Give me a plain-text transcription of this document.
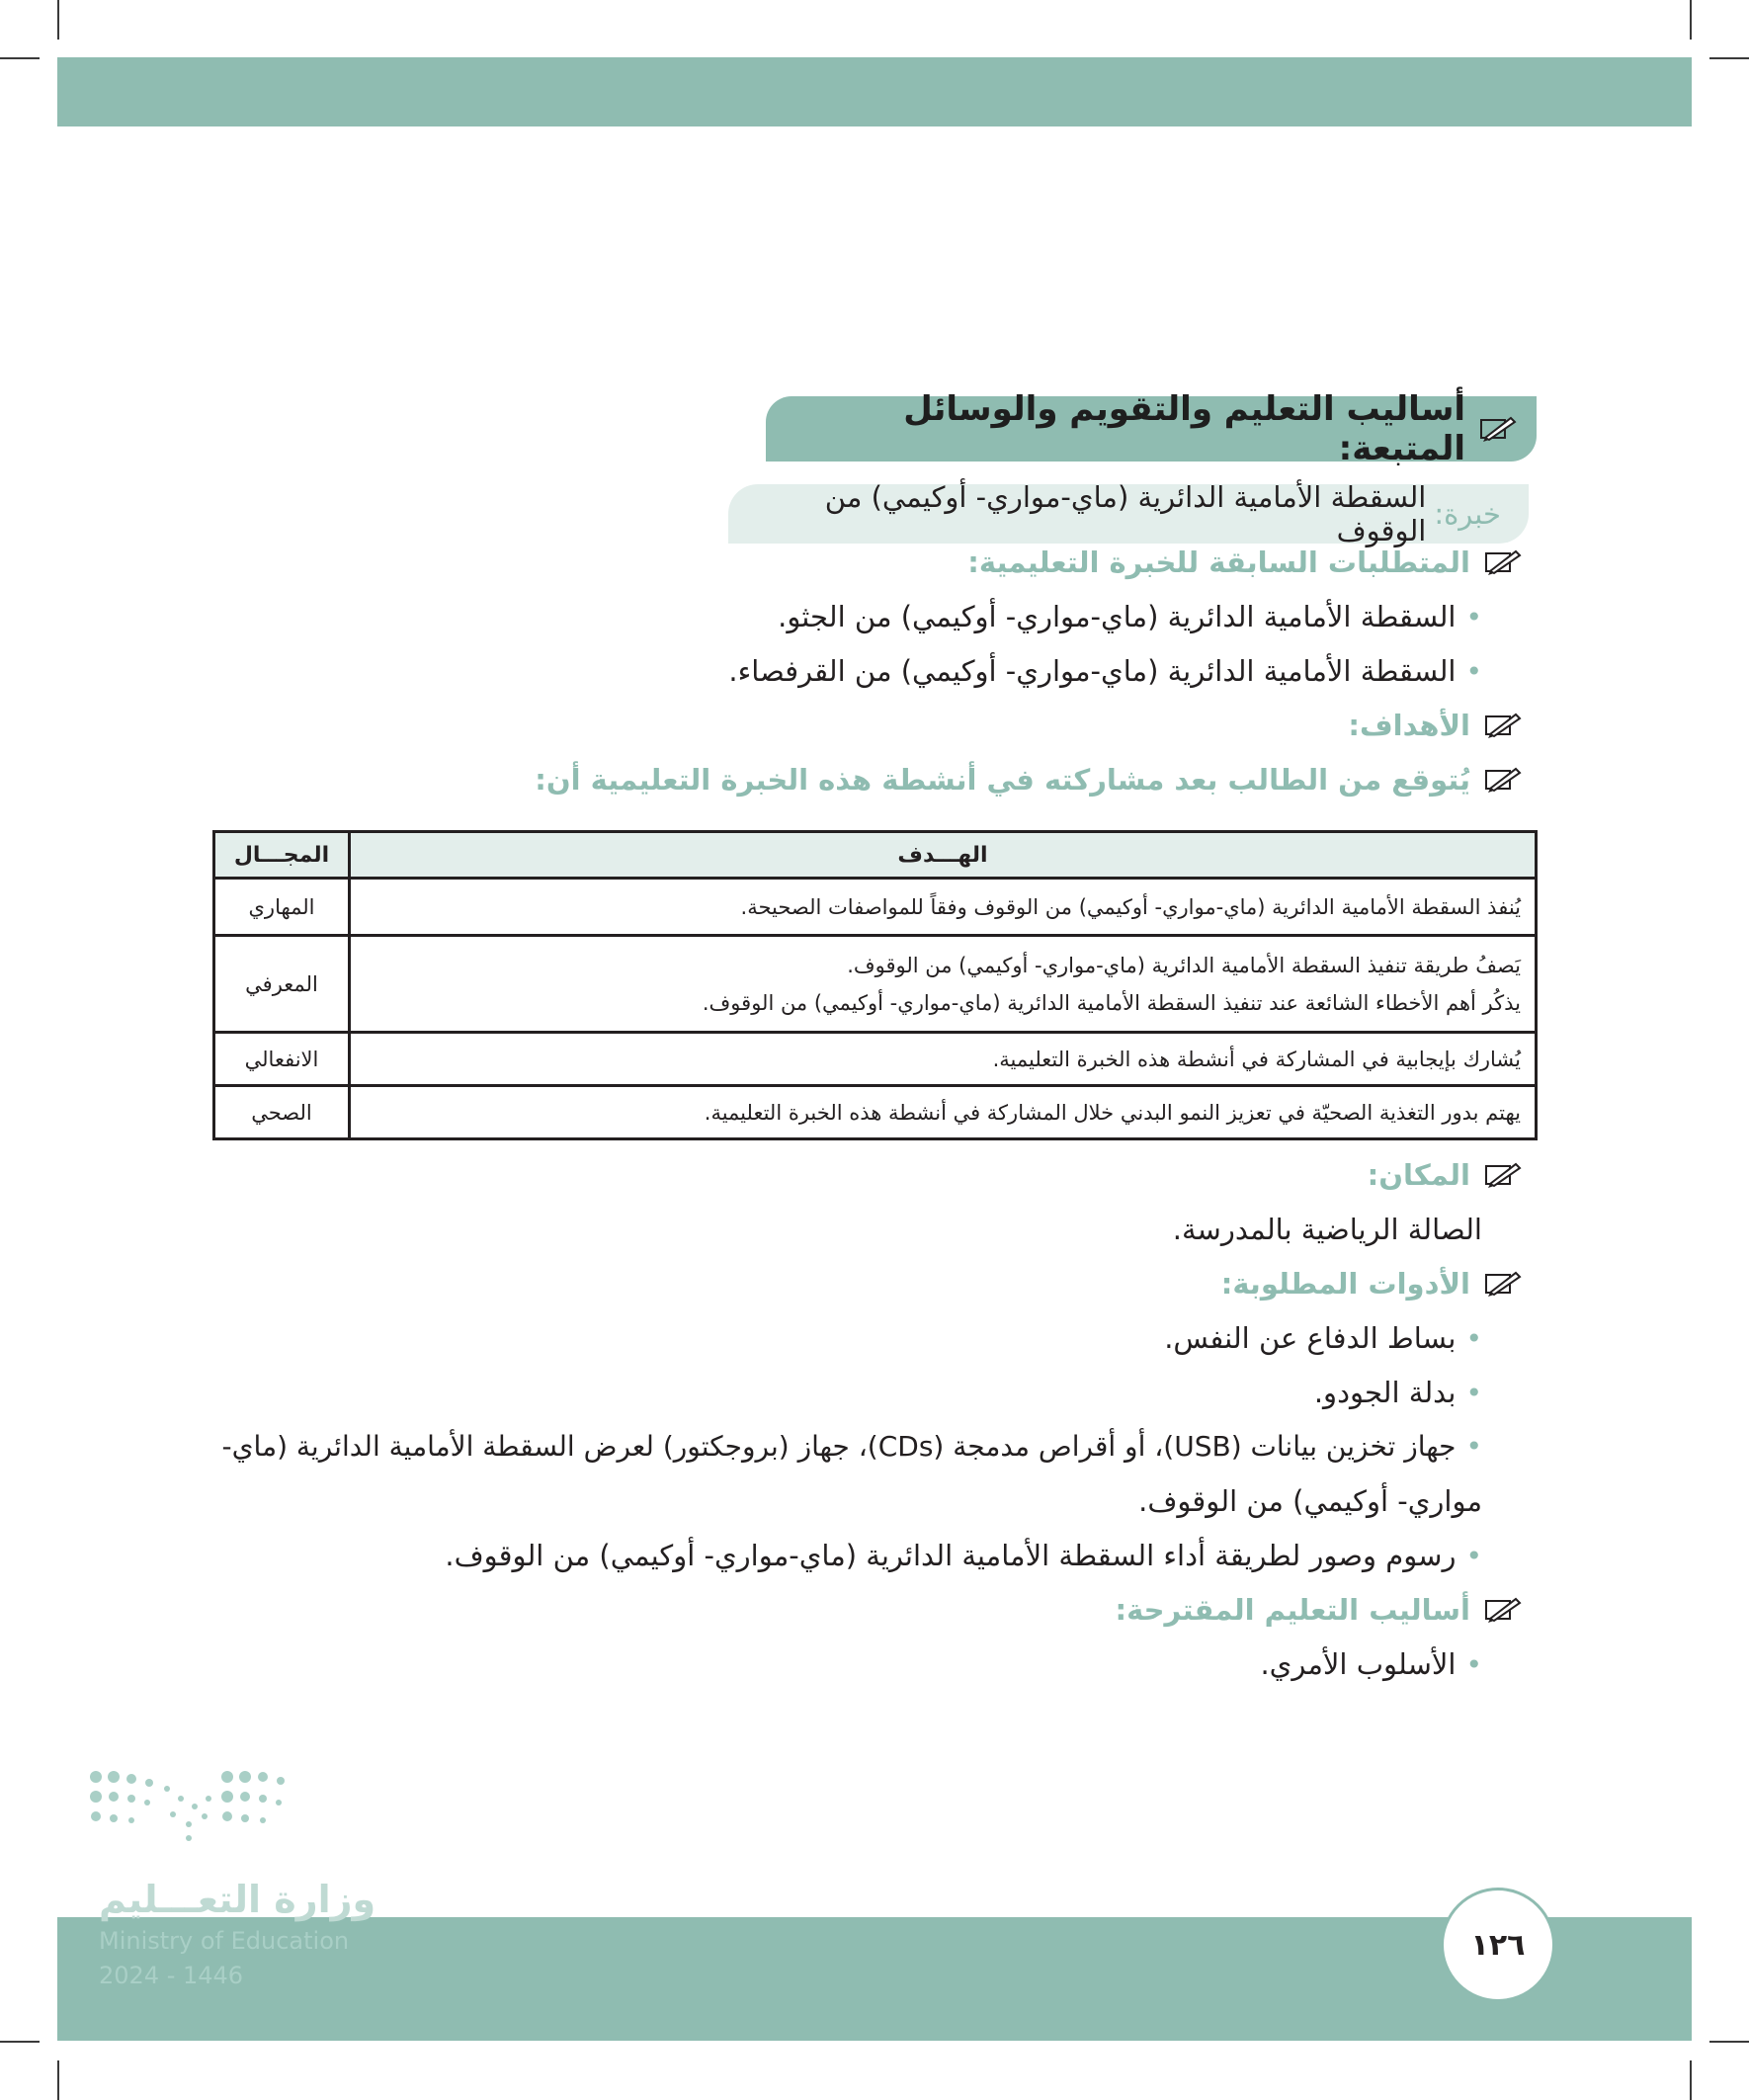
أساليب التعليم والتقويم والوسائل المتبعة:
خبرة:
السقطة الأمامية الدائرية (ماي-مواري- أوكيمي) من الوقوف
المتطلبات السابقة للخبرة التعليمية:
• السقطة الأمامية الدائرية (ماي-مواري- أوكيمي) من الجثو.
• السقطة الأمامية الدائرية (ماي-مواري- أوكيمي) من القرفصاء.
الأهداف:
يُتوقع من الطالب بعد مشاركته في أنشطة هذه الخبرة التعليمية أن:
الهـــدف	المجـــال

يُنفذ السقطة الأمامية الدائرية (ماي-مواري- أوكيمي) من الوقوف وفقاً للمواصفات الصحيحة.	المهاري

يَصفُ طريقة تنفيذ السقطة الأمامية الدائرية (ماي-مواري- أوكيمي) من الوقوف.
يذكُر أهم الأخطاء الشائعة عند تنفيذ السقطة الأمامية الدائرية (ماي-مواري- أوكيمي) من الوقوف.	المعرفي

يُشارك بإيجابية في المشاركة في أنشطة هذه الخبرة التعليمية.	الانفعالي

يهتم بدور التغذية الصحيّة في تعزيز النمو البدني خلال المشاركة في أنشطة هذه الخبرة التعليمية.	الصحي
المكان:
الصالة الرياضية بالمدرسة.
الأدوات المطلوبة:
• بساط الدفاع عن النفس.
• بدلة الجودو.
• جهاز تخزين بيانات (USB)، أو أقراص مدمجة (CDs)، جهاز (بروجكتور) لعرض السقطة الأمامية الدائرية (ماي-
مواري- أوكيمي) من الوقوف.
• رسوم وصور لطريقة أداء السقطة الأمامية الدائرية (ماي-مواري- أوكيمي) من الوقوف.
أساليب التعليم المقترحة:
• الأسلوب الأمري.
وزارة التعـــليم
Ministry of Education
2024 - 1446
١٢٦
